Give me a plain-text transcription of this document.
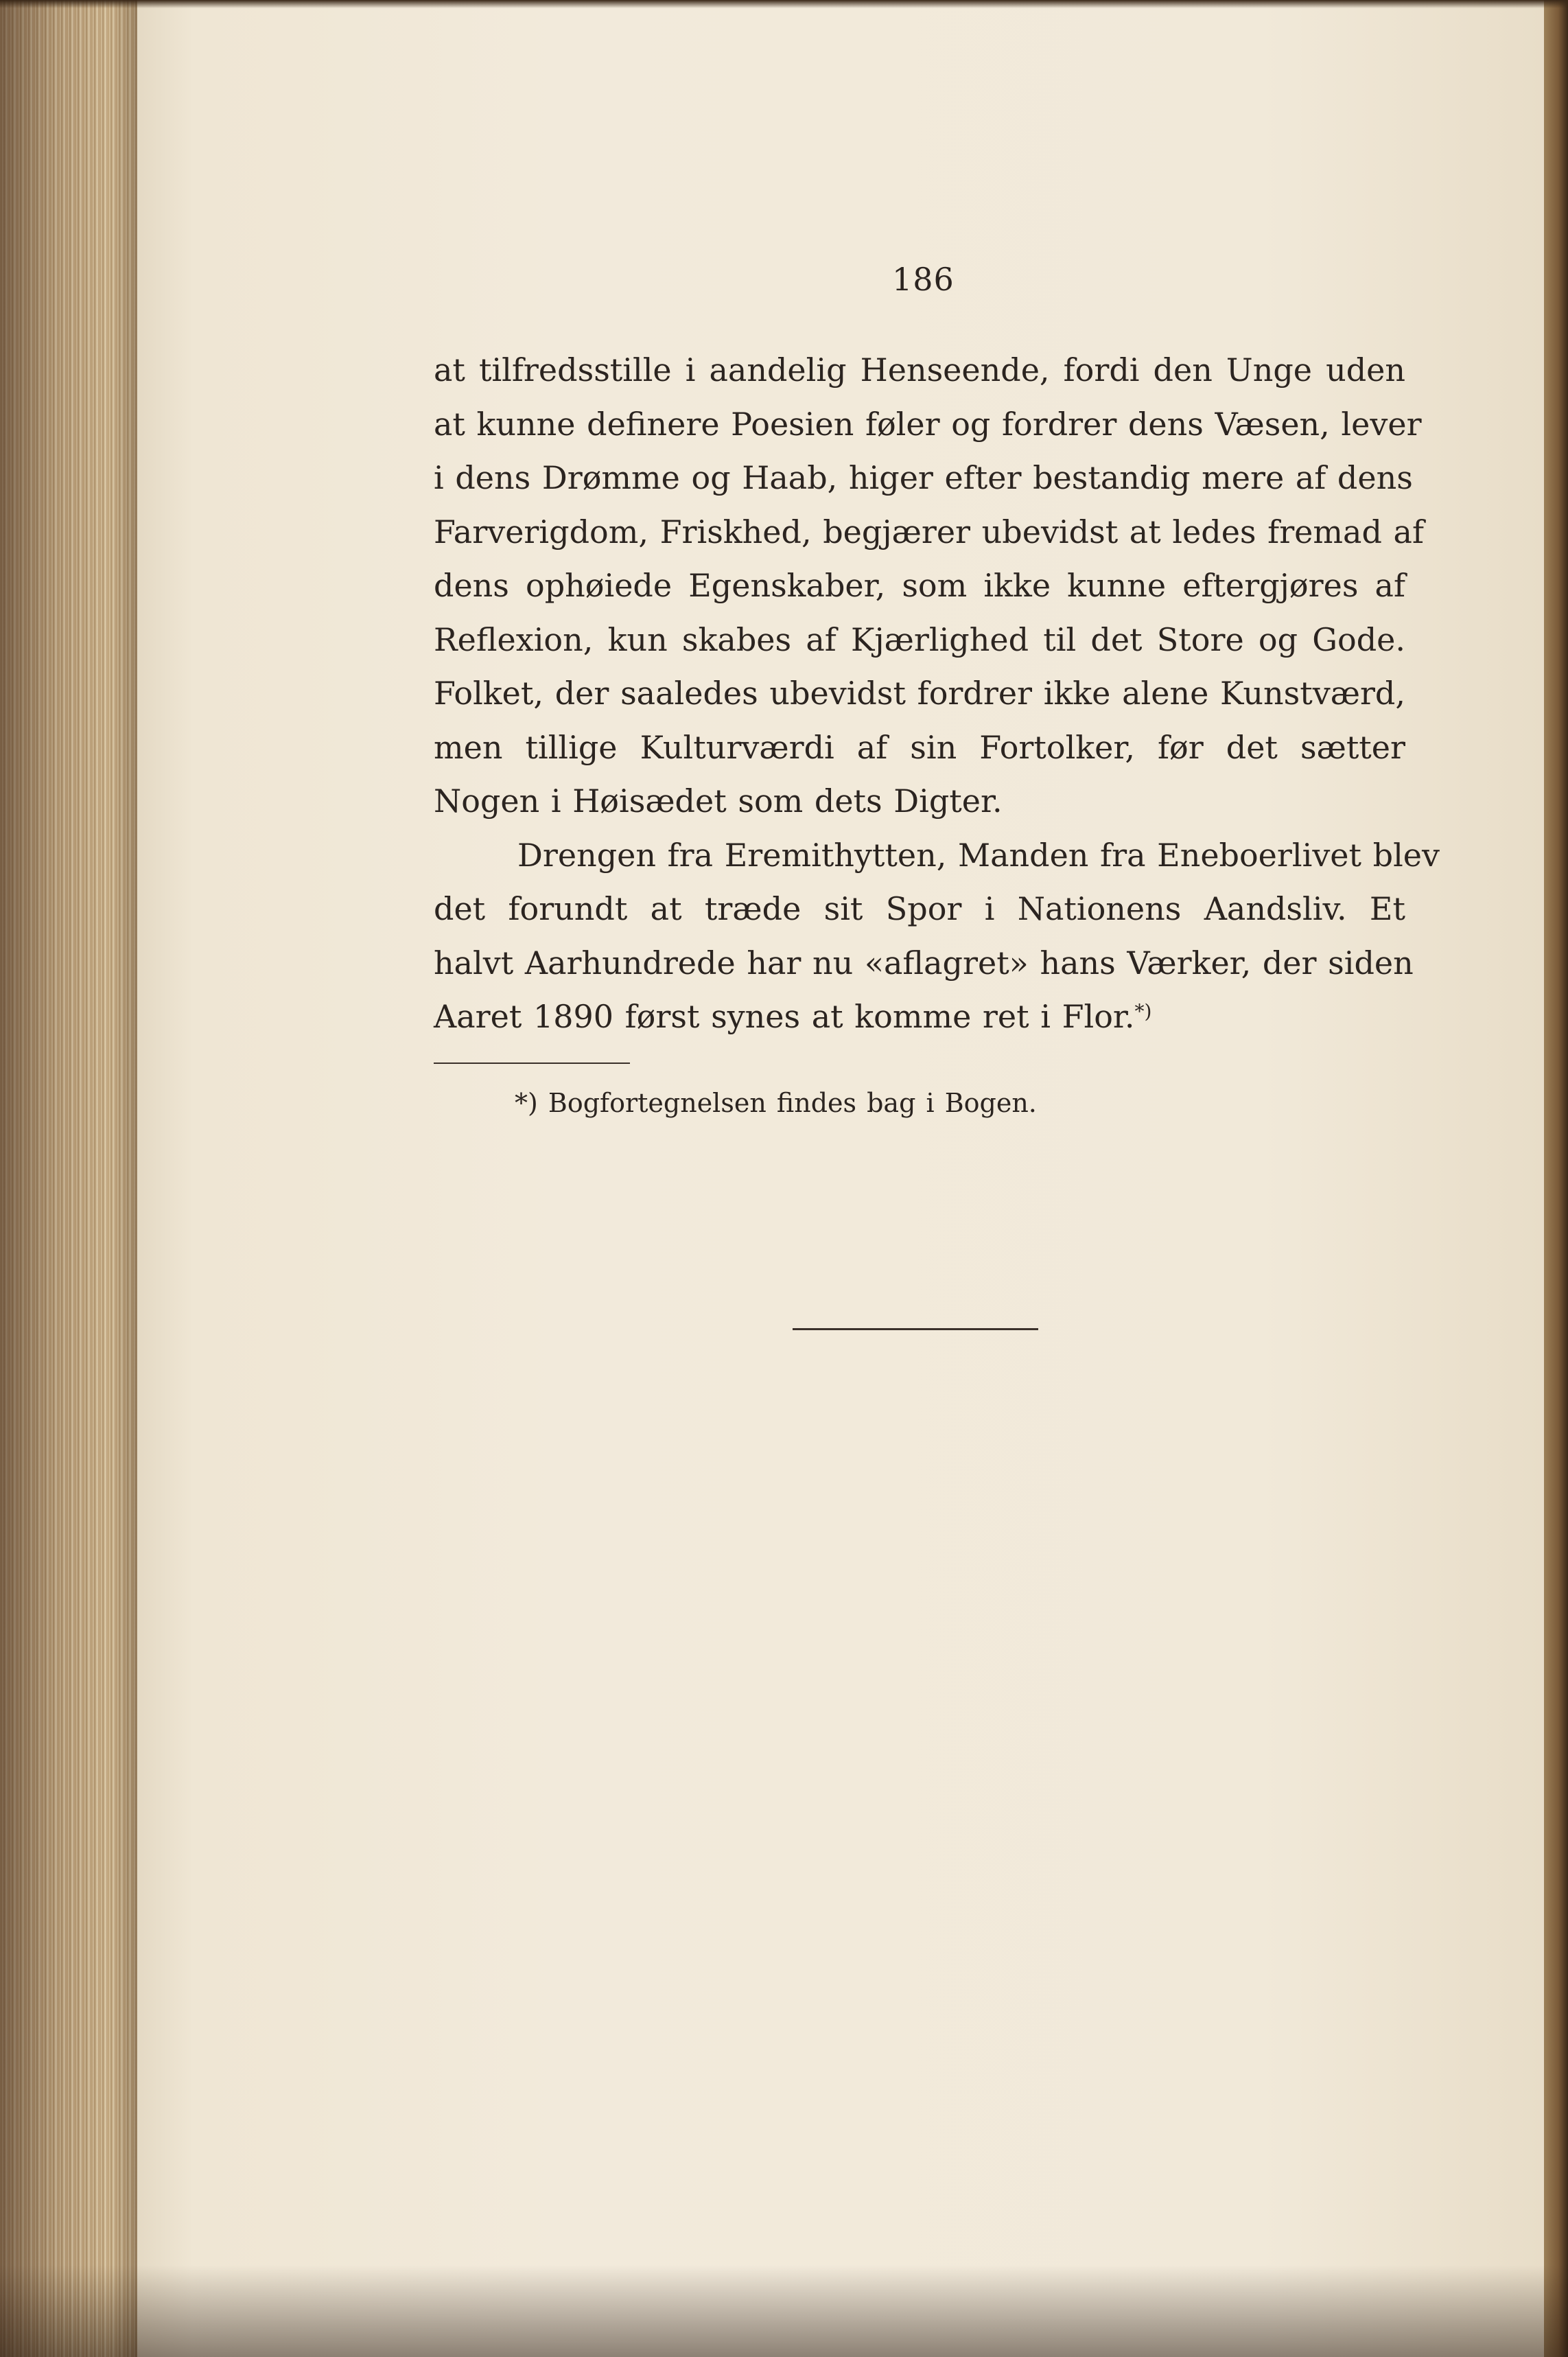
186
at tilfredsstille i aandelig Henseende, fordi den Unge uden
at kunne definere Poesien føler og fordrer dens Væsen, lever
i dens Drømme og Haab, higer efter bestandig mere af dens
Farverigdom, Friskhed, begjærer ubevidst at ledes fremad af
dens ophøiede Egenskaber, som ikke kunne eftergjøres af
Reflexion, kun skabes af Kjærlighed til det Store og Gode.
Folket, der saaledes ubevidst fordrer ikke alene Kunstværd,
men tillige Kulturværdi af sin Fortolker, før det sætter
Nogen i Høisædet som dets Digter.
Drengen fra Eremithytten, Manden fra Eneboerlivet blev
det forundt at træde sit Spor i Nationens Aandsliv. Et
halvt Aarhundrede har nu «aflagret» hans Værker, der siden
Aaret 1890 først synes at komme ret i Flor.*)
*) Bogfortegnelsen findes bag i Bogen.
